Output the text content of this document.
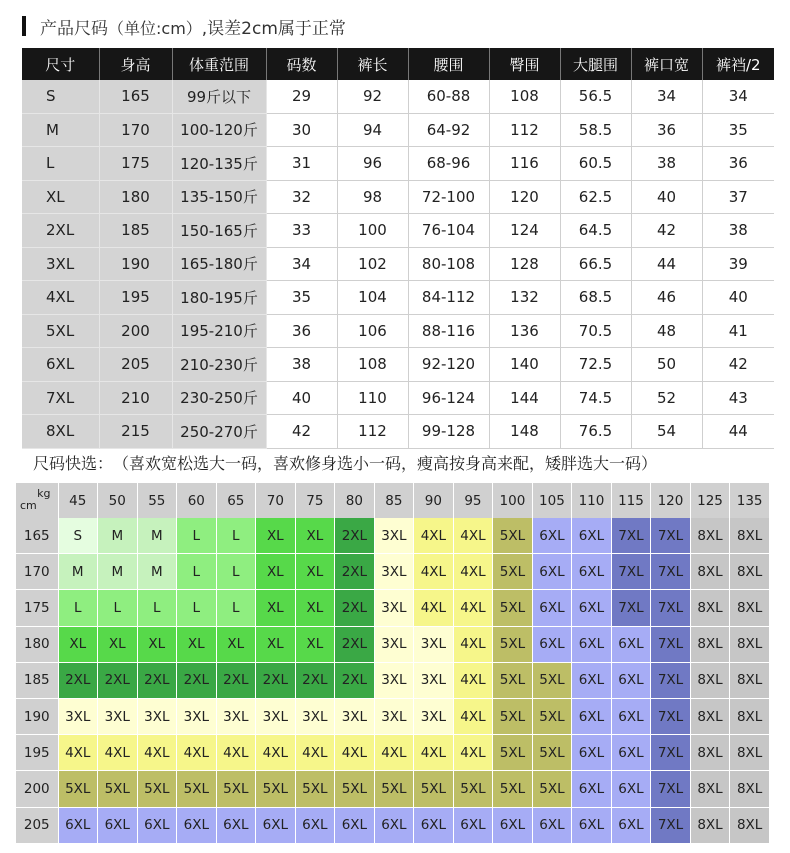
产品尺码（单位:cm）,误差2cm属于正常
尺寸	身高	体重范围	码数	裤长	腰围	臀围	大腿围	裤口宽	裤裆/2
S	165	99斤以下	29	92	60-88	108	56.5	34	34
M	170	100-120斤	30	94	64-92	112	58.5	36	35
L	175	120-135斤	31	96	68-96	116	60.5	38	36
XL	180	135-150斤	32	98	72-100	120	62.5	40	37
2XL	185	150-165斤	33	100	76-104	124	64.5	42	38
3XL	190	165-180斤	34	102	80-108	128	66.5	44	39
4XL	195	180-195斤	35	104	84-112	132	68.5	46	40
5XL	200	195-210斤	36	106	88-116	136	70.5	48	41
6XL	205	210-230斤	38	108	92-120	140	72.5	50	42
7XL	210	230-250斤	40	110	96-124	144	74.5	52	43
8XL	215	250-270斤	42	112	99-128	148	76.5	54	44
尺码快选： （喜欢宽松选大一码，喜欢修身选小一码，瘦高按身高来配，矮胖选大一码）
kg
cm	45	50	55	60	65	70	75	80	85	90	95	100	105	110	115	120	125	135
165	S	M	M	L	L	XL	XL	2XL	3XL	4XL	4XL	5XL	6XL	6XL	7XL	7XL	8XL	8XL
170	M	M	M	L	L	XL	XL	2XL	3XL	4XL	4XL	5XL	6XL	6XL	7XL	7XL	8XL	8XL
175	L	L	L	L	L	XL	XL	2XL	3XL	4XL	4XL	5XL	6XL	6XL	7XL	7XL	8XL	8XL
180	XL	XL	XL	XL	XL	XL	XL	2XL	3XL	3XL	4XL	5XL	6XL	6XL	6XL	7XL	8XL	8XL
185	2XL	2XL	2XL	2XL	2XL	2XL	2XL	2XL	3XL	3XL	4XL	5XL	5XL	6XL	6XL	7XL	8XL	8XL
190	3XL	3XL	3XL	3XL	3XL	3XL	3XL	3XL	3XL	3XL	4XL	5XL	5XL	6XL	6XL	7XL	8XL	8XL
195	4XL	4XL	4XL	4XL	4XL	4XL	4XL	4XL	4XL	4XL	4XL	5XL	5XL	6XL	6XL	7XL	8XL	8XL
200	5XL	5XL	5XL	5XL	5XL	5XL	5XL	5XL	5XL	5XL	5XL	5XL	5XL	6XL	6XL	7XL	8XL	8XL
205	6XL	6XL	6XL	6XL	6XL	6XL	6XL	6XL	6XL	6XL	6XL	6XL	6XL	6XL	6XL	7XL	8XL	8XL
